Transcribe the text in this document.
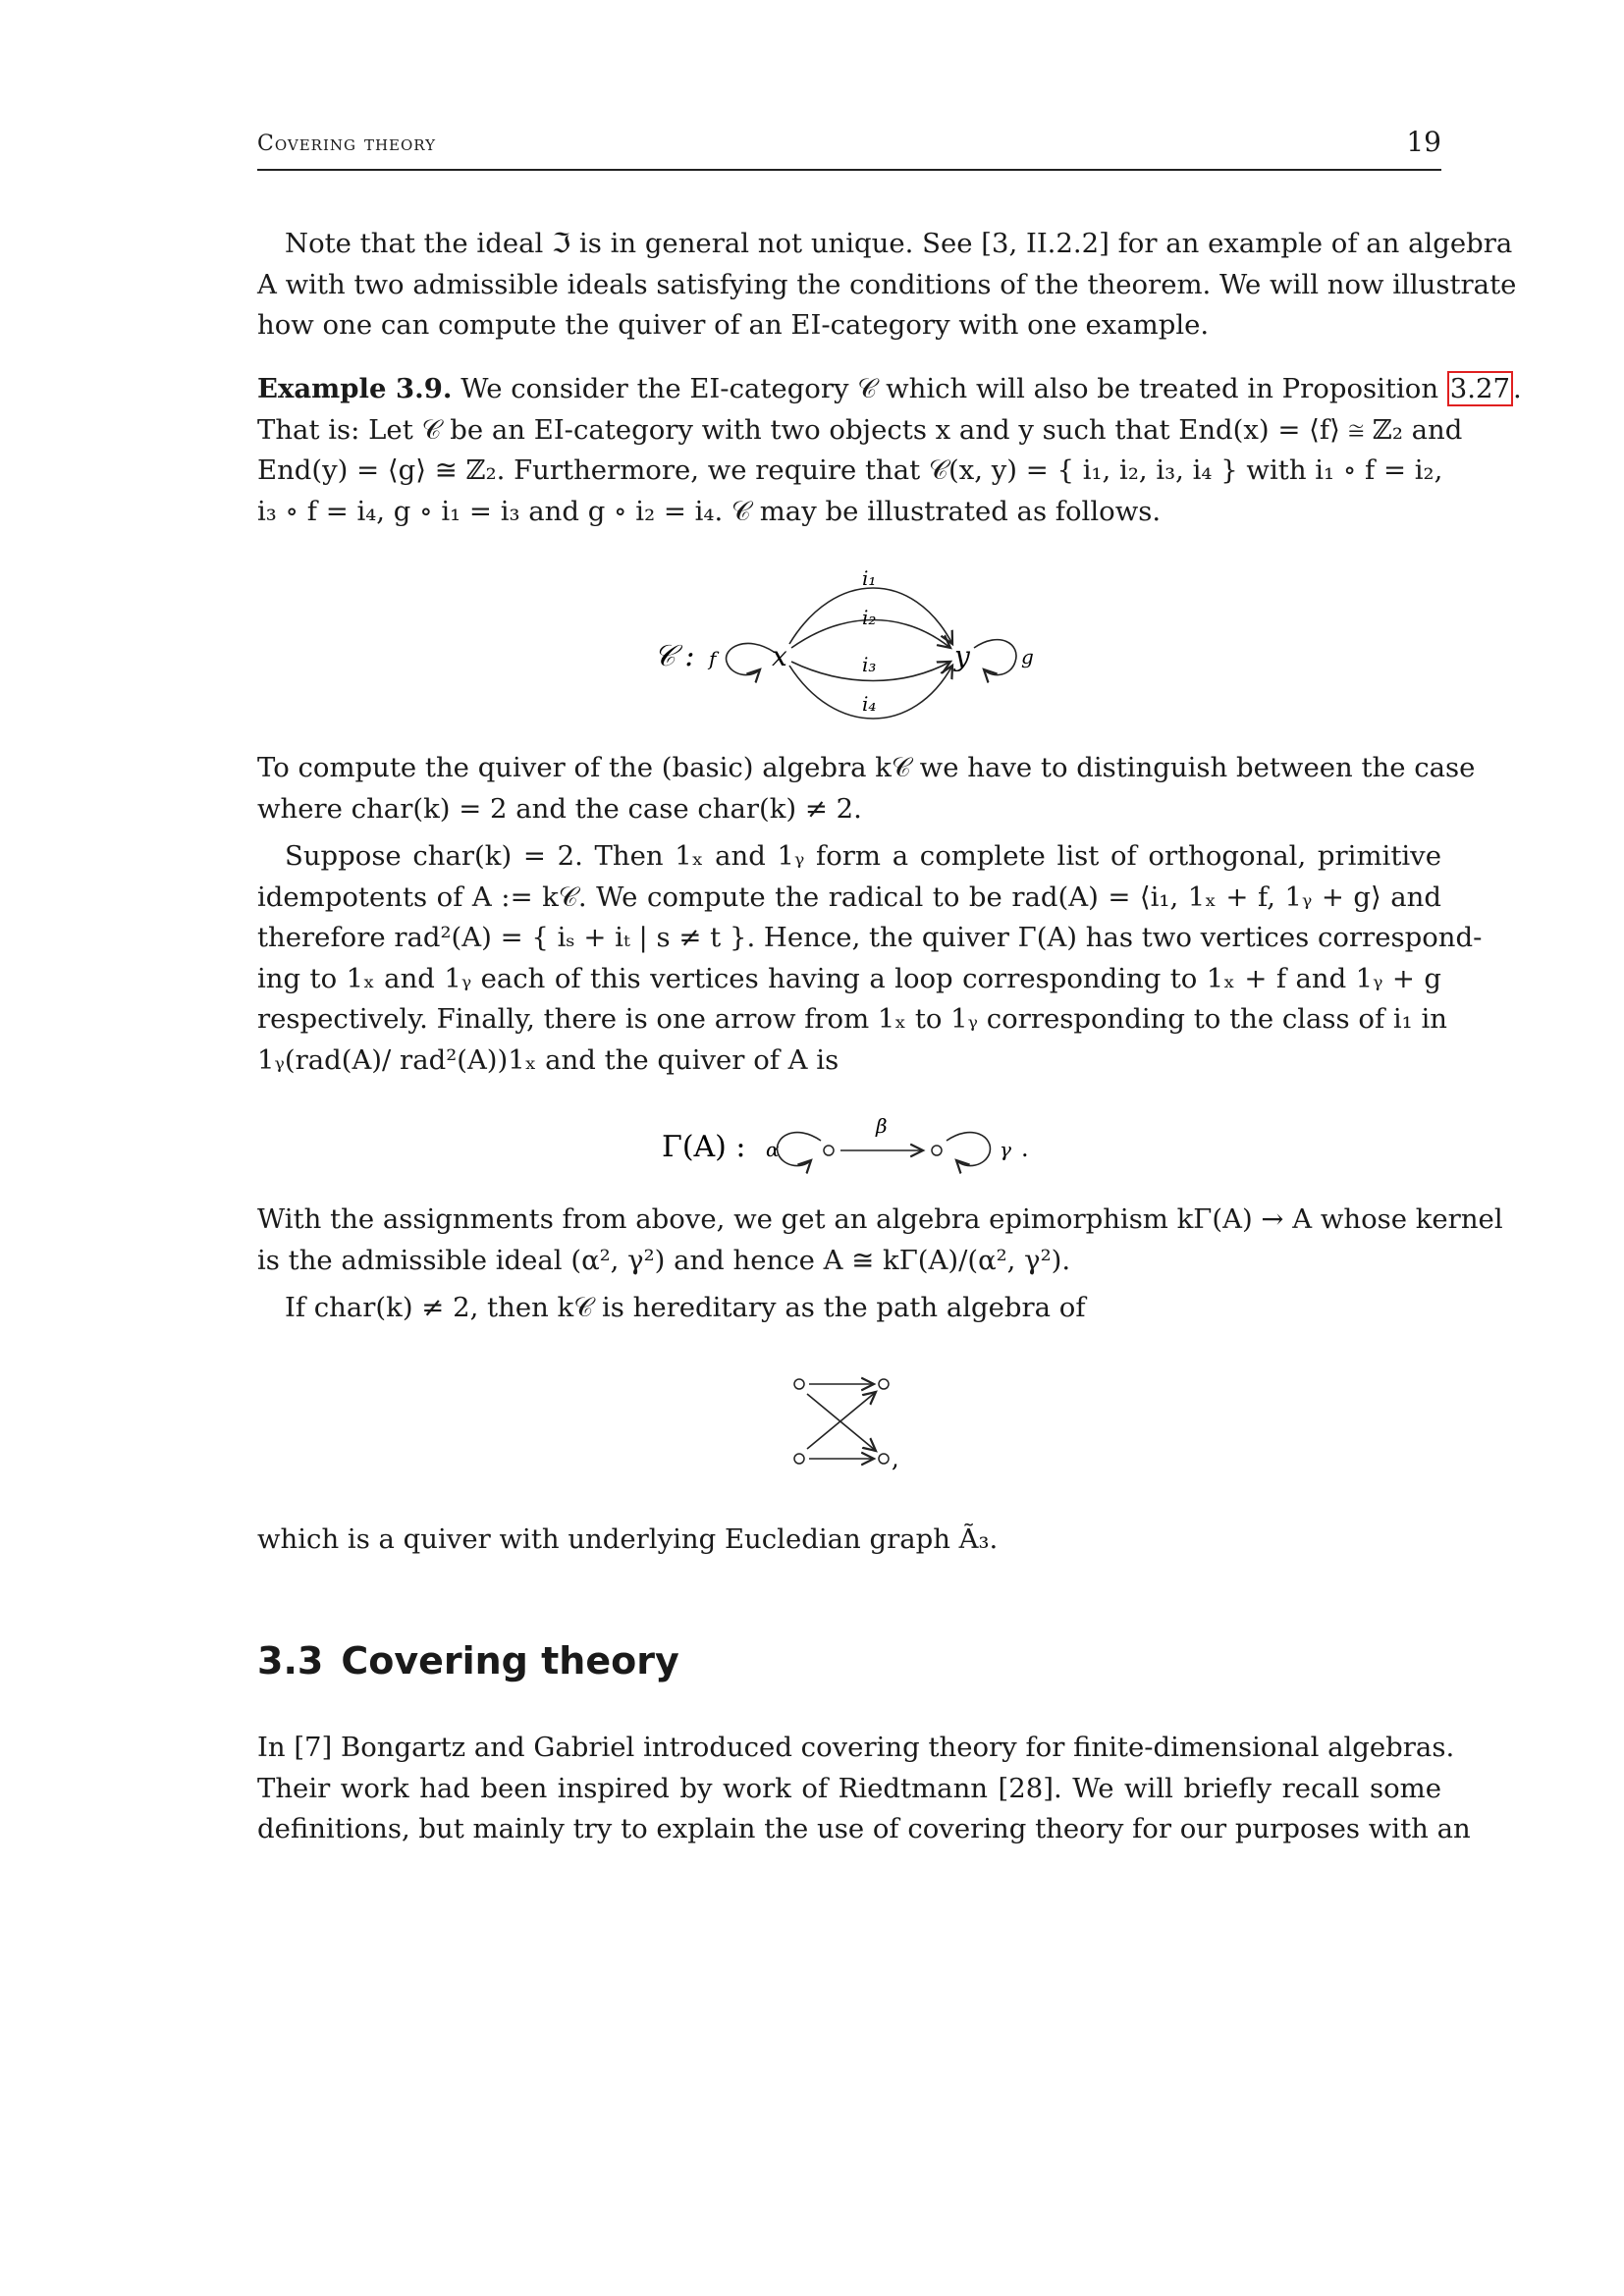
Covering theory	19
Note that the ideal ℑ is in general not unique. See [3, II.2.2] for an example of an algebra
A with two admissible ideals satisfying the conditions of the theorem. We will now illustrate
how one can compute the quiver of an EI-category with one example.
Example 3.9. We consider the EI-category 𝒞 which will also be treated in Proposition 3.27 .
That is: Let 𝒞 be an EI-category with two objects x and y such that End(x) = ⟨f⟩ ≅ ℤ₂ and
End(y) = ⟨g⟩ ≅ ℤ₂. Furthermore, we require that 𝒞(x, y) = { i₁, i₂, i₃, i₄ } with i₁ ∘ f = i₂,
i₃ ∘ f = i₄, g ∘ i₁ = i₃ and g ∘ i₂ = i₄. 𝒞 may be illustrated as follows.
𝒞 : f x	y	g
i₁
i₂
i₃
i₄
To compute the quiver of the (basic) algebra k𝒞 we have to distinguish between the case
where char(k) = 2 and the case char(k) ≠ 2.
Suppose char(k) = 2. Then 1ₓ and 1ᵧ form a complete list of orthogonal, primitive
idempotents of A := k𝒞. We compute the radical to be rad(A) = ⟨i₁, 1ₓ + f, 1ᵧ + g⟩ and
therefore rad²(A) = { iₛ + iₜ | s ≠ t }. Hence, the quiver Γ(A) has two vertices correspond-
ing to 1ₓ and 1ᵧ each of this vertices having a loop corresponding to 1ₓ + f and 1ᵧ + g
respectively. Finally, there is one arrow from 1ₓ to 1ᵧ corresponding to the class of i₁ in
1ᵧ(rad(A)/ rad²(A))1ₓ and the quiver of A is
Γ(A) : α
β
γ .
With the assignments from above, we get an algebra epimorphism kΓ(A) → A whose kernel
is the admissible ideal (α², γ²) and hence A ≅ kΓ(A)/(α², γ²).
If char(k) ≠ 2, then k𝒞 is hereditary as the path algebra of
,
which is a quiver with underlying Eucledian graph Ã₃.
3.3 Covering theory
In [7] Bongartz and Gabriel introduced covering theory for finite-dimensional algebras.
Their work had been inspired by work of Riedtmann [28]. We will briefly recall some
definitions, but mainly try to explain the use of covering theory for our purposes with an
